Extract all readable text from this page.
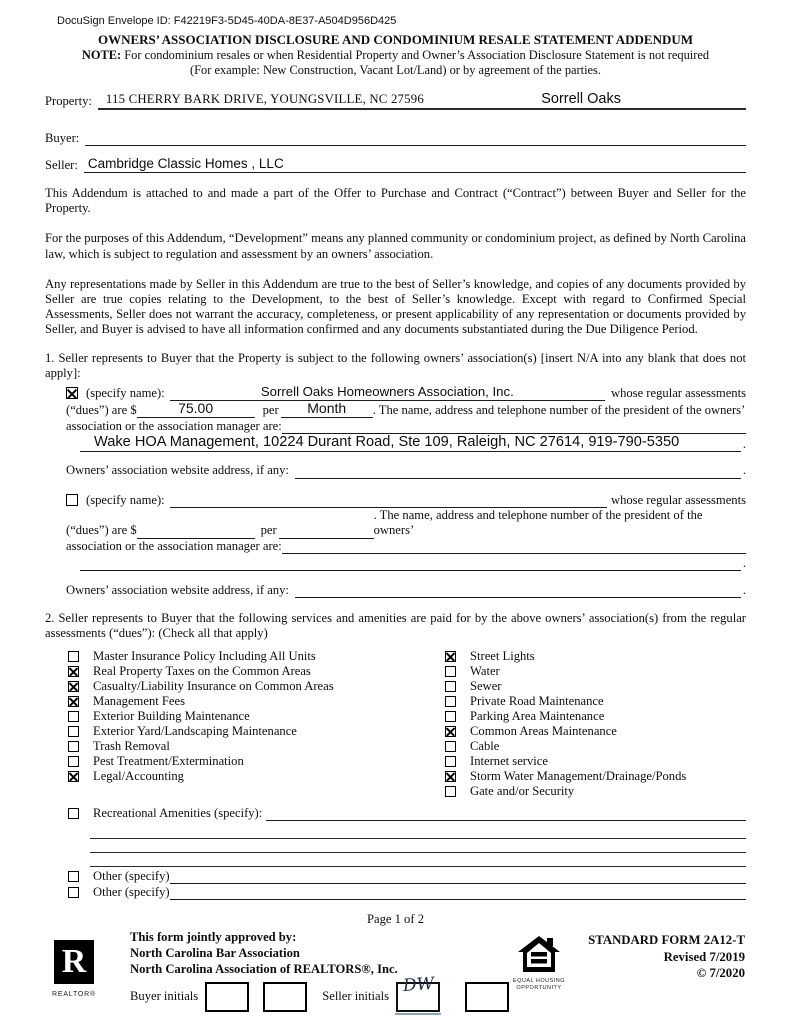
DocuSign Envelope ID: F42219F3-5D45-40DA-8E37-A504D956D425
OWNERS’ ASSOCIATION DISCLOSURE AND CONDOMINIUM RESALE STATEMENT ADDENDUM
NOTE: For condominium resales or when Residential Property and Owner’s Association Disclosure Statement is not required (For example: New Construction, Vacant Lot/Land) or by agreement of the parties.
Property:	115 CHERRY BARK DRIVE, YOUNGSVILLE, NC 27596	Sorrell Oaks
Buyer:
Seller: Cambridge Classic Homes , LLC
This Addendum is attached to and made a part of the Offer to Purchase and Contract (“Contract”) between Buyer and Seller for the Property.
For the purposes of this Addendum, “Development” means any planned community or condominium project, as defined by North Carolina law, which is subject to regulation and assessment by an owners’ association.
Any representations made by Seller in this Addendum are true to the best of Seller’s knowledge, and copies of any documents provided by Seller are true copies relating to the Development, to the best of Seller’s knowledge. Except with regard to Confirmed Special Assessments, Seller does not warrant the accuracy, completeness, or present applicability of any representation or documents provided by Seller, and Buyer is advised to have all information confirmed and any documents substantiated during the Due Diligence Period.
1. Seller represents to Buyer that the Property is subject to the following owners’ association(s) [insert N/A into any blank that does not apply]:
(specify name):	Sorrell Oaks Homeowners Association, Inc.	whose regular assessments
(“dues”) are $	75.00	per	Month	. The name, address and telephone number of the president of the owners’
association or the association manager are:
Wake HOA Management, 10224 Durant Road, Ste 109, Raleigh, NC 27614, 919-790-5350	.
Owners’ association website address, if any:	.
(specify name):	whose regular assessments
(“dues”) are $	per
. The name, address and telephone number of the president of the owners’
association or the association manager are:
.
Owners’ association website address, if any:	.
2. Seller represents to Buyer that the following services and amenities are paid for by the above owners’ association(s) from the regular assessments (“dues”): (Check all that apply)
Master Insurance Policy Including All Units
Real Property Taxes on the Common Areas
Casualty/Liability Insurance on Common Areas
Management Fees
Exterior Building Maintenance
Exterior Yard/Landscaping Maintenance
Trash Removal
Pest Treatment/Extermination
Legal/Accounting
Street Lights
Water
Sewer
Private Road Maintenance
Parking Area Maintenance
Common Areas Maintenance
Cable
Internet service
Storm Water Management/Drainage/Ponds
Gate and/or Security
Recreational Amenities (specify):
Other (specify)
Other (specify)
Page 1 of 2
R
REALTOR®
This form jointly approved by:
North Carolina Bar Association
North Carolina Association of REALTORS®, Inc.
Buyer initials	Seller initials
DW	EQUAL HOUSING
OPPORTUNITY
STANDARD FORM 2A12-T
Revised 7/2019
© 7/2020
